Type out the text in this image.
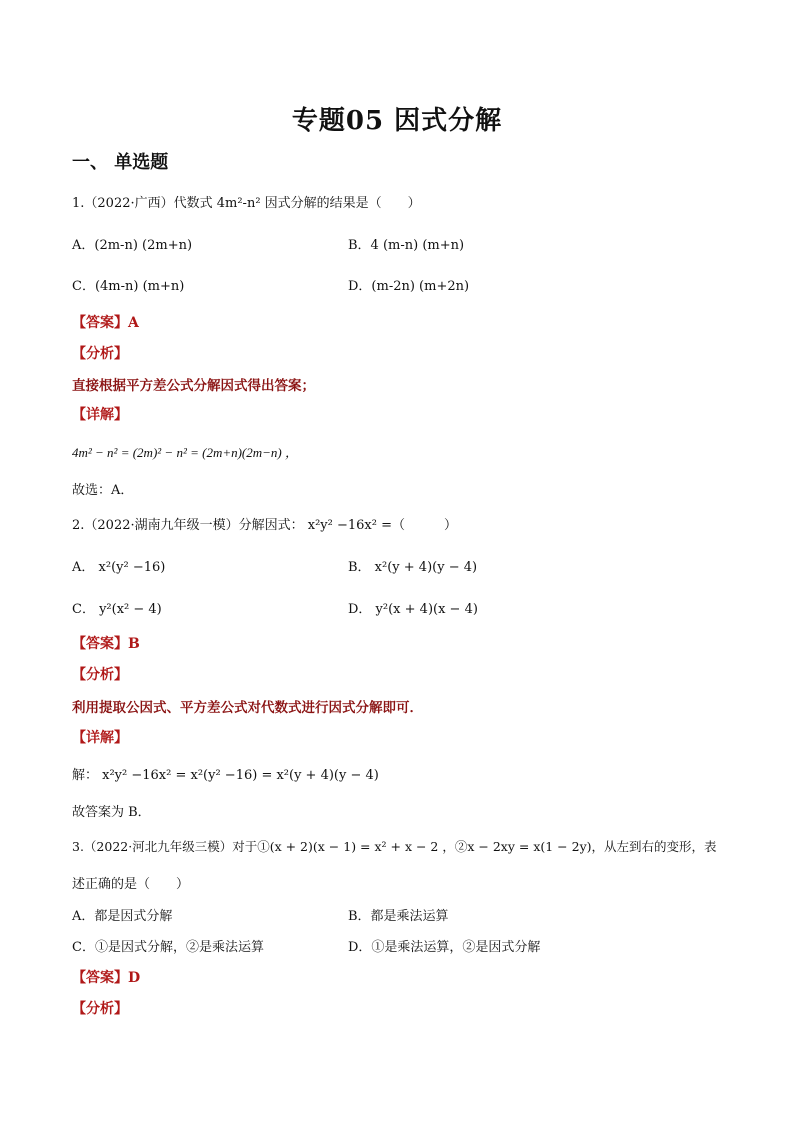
专题05 因式分解
一、 单选题
1.（2022·广西）代数式 4m²-n² 因式分解的结果是（　　）
A．(2m-n) (2m+n)	B．4 (m-n) (m+n)
C．(4m-n) (m+n)	D．(m-2n) (m+2n)
【答案】A
【分析】
直接根据平方差公式分解因式得出答案；
【详解】
4m² − n² = (2m)² − n² = (2m+n)(2m−n) ，
故选：A．
2.（2022·湖南九年级一模）分解因式： x²y² −16x² =（　　　）
A． x²(y² −16)	B． x²(y + 4)(y − 4)
C． y²(x² − 4)	D． y²(x + 4)(x − 4)
【答案】B
【分析】
利用提取公因式、平方差公式对代数式进行因式分解即可．
【详解】
解： x²y² −16x² = x²(y² −16) = x²(y + 4)(y − 4)
故答案为 B．
3.（2022·河北九年级三模）对于①(x + 2)(x − 1) = x² + x − 2 ，②x − 2xy = x(1 − 2y)，从左到右的变形，表
述正确的是（　　）
A．都是因式分解	B．都是乘法运算
C．①是因式分解，②是乘法运算	D．①是乘法运算，②是因式分解
【答案】D
【分析】
